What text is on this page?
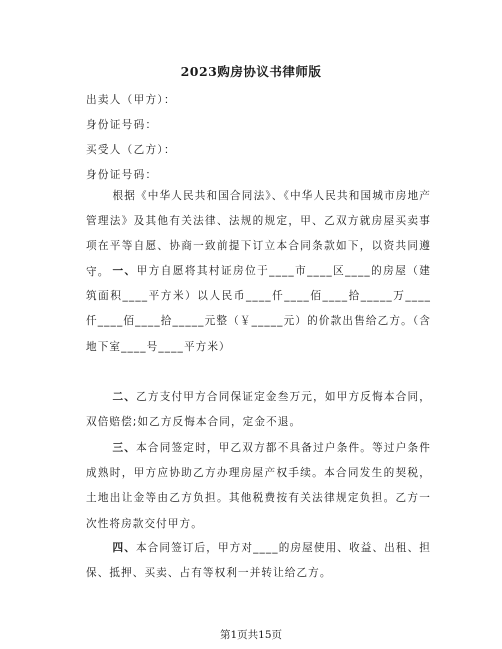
2023购房协议书律师版
出卖人（甲方）：
身份证号码：
买受人（乙方）：
身份证号码：
根据《中华人民共和国合同法》、《中华人民共和国城市房地产管理法》及其他有关法律、法规的规定，甲、乙双方就房屋买卖事项在平等自愿、协商一致前提下订立本合同条款如下，以资共同遵守。 一、甲方自愿将其村证房位于____市____区____的房屋（建筑面积____平方米）以人民币____仟____佰____拾_____万____仟____佰____拾_____元整（￥_____元）的价款出售给乙方。（含地下室____号____平方米）
二、乙方支付甲方合同保证定金叁万元，如甲方反悔本合同，双倍赔偿;如乙方反悔本合同，定金不退。
三、本合同签定时，甲乙双方都不具备过户条件。等过户条件成熟时，甲方应协助乙方办理房屋产权手续。本合同发生的契税，土地出让金等由乙方负担。其他税费按有关法律规定负担。乙方一次性将房款交付甲方。
四、本合同签订后，甲方对____的房屋使用、收益、出租、担保、抵押、买卖、占有等权利一并转让给乙方。
第1页共15页
